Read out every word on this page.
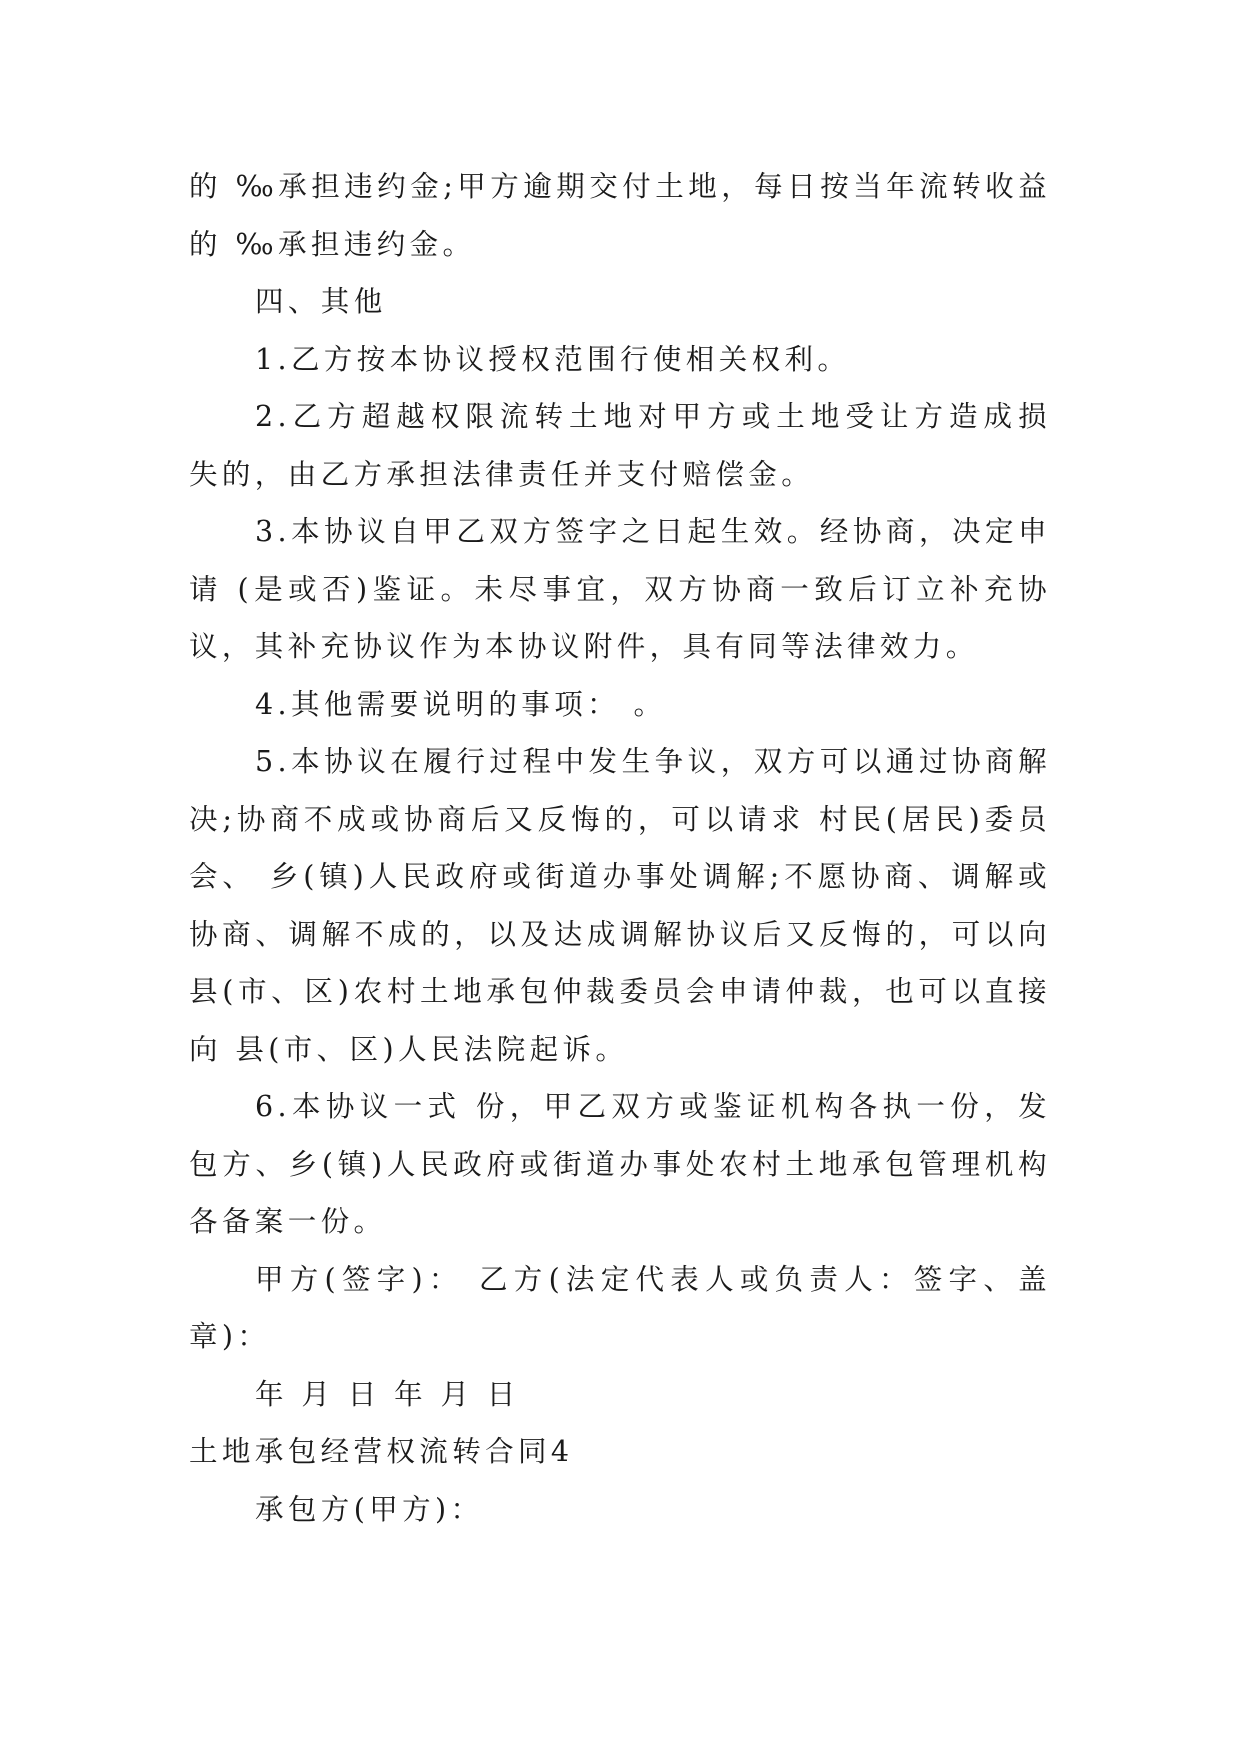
的 ‰承担违约金;甲方逾期交付土地，每日按当年流转收益
的 ‰承担违约金。
四、其他
1.乙方按本协议授权范围行使相关权利。
2.乙方超越权限流转土地对甲方或土地受让方造成损
失的，由乙方承担法律责任并支付赔偿金。
3.本协议自甲乙双方签字之日起生效。经协商，决定申
请 (是或否)鉴证。未尽事宜，双方协商一致后订立补充协
议，其补充协议作为本协议附件，具有同等法律效力。
4.其他需要说明的事项： 。
5.本协议在履行过程中发生争议，双方可以通过协商解
决;协商不成或协商后又反悔的，可以请求 村民(居民)委员
会、 乡(镇)人民政府或街道办事处调解;不愿协商、调解或
协商、调解不成的，以及达成调解协议后又反悔的，可以向
县(市、区)农村土地承包仲裁委员会申请仲裁，也可以直接
向 县(市、区)人民法院起诉。
6.本协议一式 份，甲乙双方或鉴证机构各执一份，发
包方、乡(镇)人民政府或街道办事处农村土地承包管理机构
各备案一份。
甲方(签字)： 乙方(法定代表人或负责人：签字、盖
章)：
年 月 日 年 月 日
土地承包经营权流转合同4
承包方(甲方)：
